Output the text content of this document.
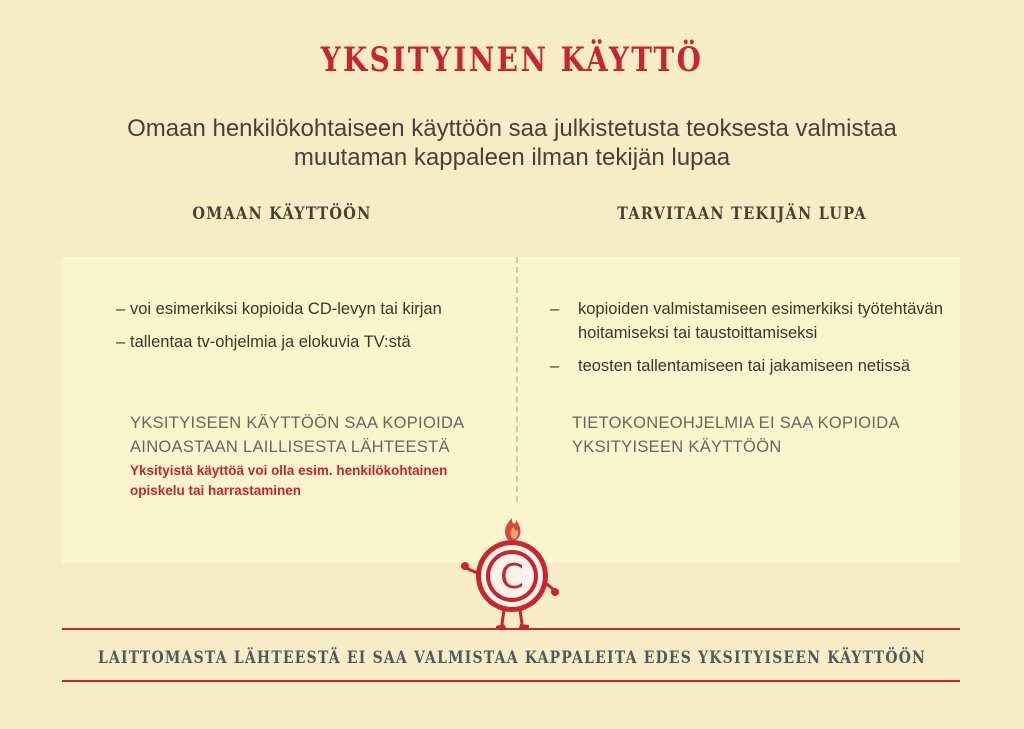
YKSITYINEN KÄYTTÖ
Omaan henkilökohtaiseen käyttöön saa julkistetusta teoksesta valmistaa
muutaman kappaleen ilman tekijän lupaa
OMAAN KÄYTTÖÖN	TARVITAAN TEKIJÄN LUPA
– voi esimerkiksi kopioida CD-levyn tai kirjan
– tallentaa tv-ohjelmia ja elokuvia TV:stä
– kopioiden valmistamiseen esimerkiksi työtehtävän hoitamiseksi tai taustoittamiseksi
– teosten tallentamiseen tai jakamiseen netissä
YKSITYISEEN KÄYTTÖÖN SAA KOPIOIDA
AINOASTAAN LAILLISESTA LÄHTEESTÄ
Yksityistä käyttöä voi olla esim. henkilökohtainen
opiskelu tai harrastaminen
TIETOKONEOHJELMIA EI SAA KOPIOIDA
YKSITYISEEN KÄYTTÖÖN
C
LAITTOMASTA LÄHTEESTÄ EI SAA VALMISTAA KAPPALEITA EDES YKSITYISEEN KÄYTTÖÖN
